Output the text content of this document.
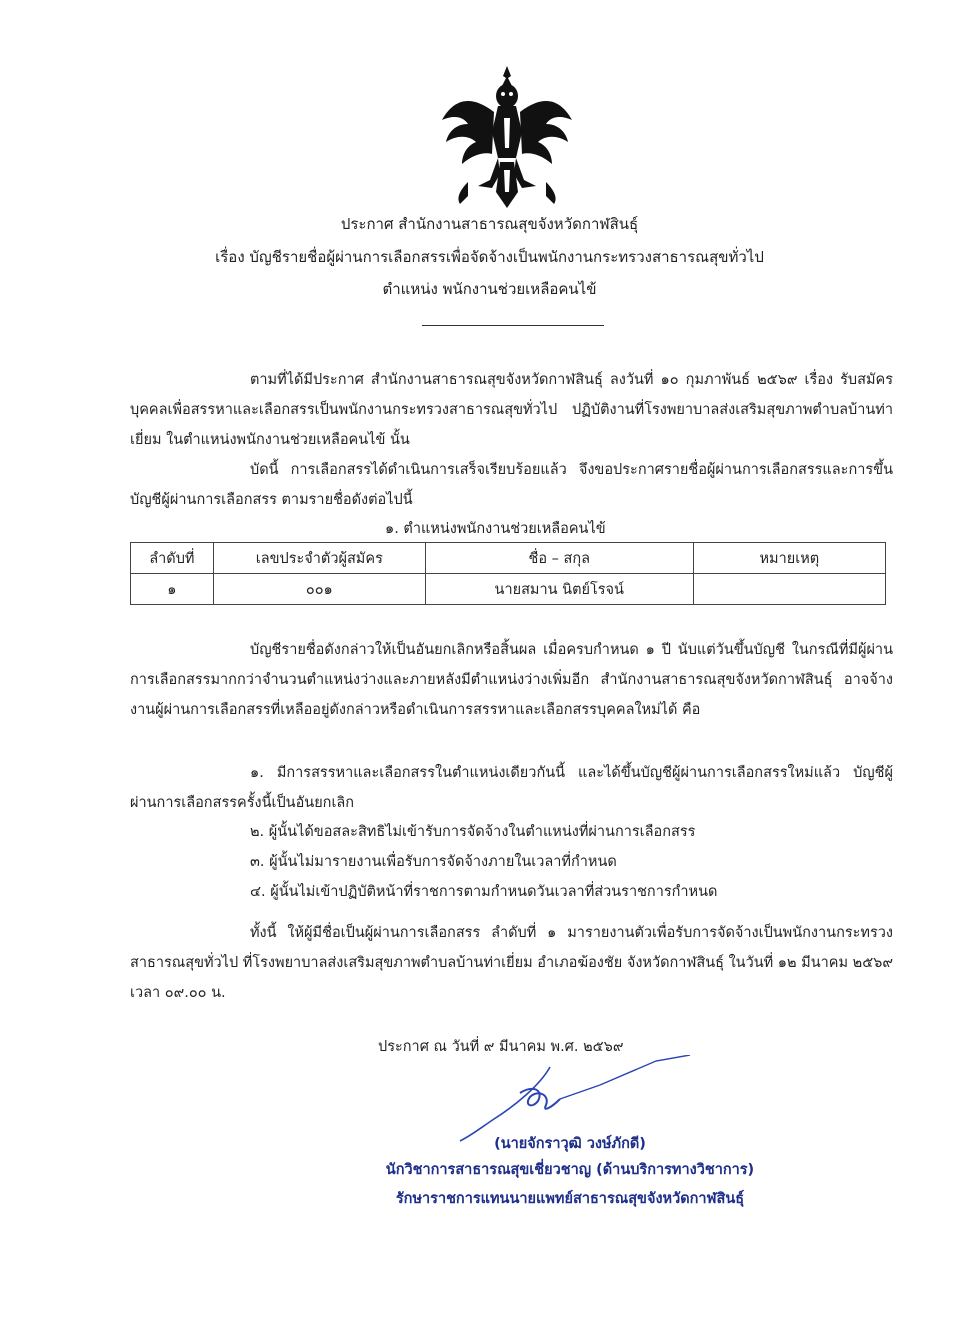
ประกาศ สำนักงานสาธารณสุขจังหวัดกาฬสินธุ์
เรื่อง บัญชีรายชื่อผู้ผ่านการเลือกสรรเพื่อจัดจ้างเป็นพนักงานกระทรวงสาธารณสุขทั่วไป
ตำแหน่ง พนักงานช่วยเหลือคนไข้

ตามที่ได้มีประกาศ สำนักงานสาธารณสุขจังหวัดกาฬสินธุ์ ลงวันที่ ๑๐ กุมภาพันธ์ ๒๕๖๙ เรื่อง รับสมัครบุคคลเพื่อสรรหาและเลือกสรรเป็นพนักงานกระทรวงสาธารณสุขทั่วไป ปฏิบัติงานที่โรงพยาบาลส่งเสริมสุขภาพตำบลบ้านท่าเยี่ยม ในตำแหน่งพนักงานช่วยเหลือคนไข้ นั้น

บัดนี้ การเลือกสรรได้ดำเนินการเสร็จเรียบร้อยแล้ว จึงขอประกาศรายชื่อผู้ผ่านการเลือกสรรและการขึ้นบัญชีผู้ผ่านการเลือกสรร ตามรายชื่อดังต่อไปนี้

๑. ตำแหน่งพนักงานช่วยเหลือคนไข้
ลำดับที่	เลขประจำตัวผู้สมัคร	ชื่อ – สกุล	หมายเหตุ
๑	๐๐๑	นายสมาน นิตย์โรจน์	

บัญชีรายชื่อดังกล่าวให้เป็นอันยกเลิกหรือสิ้นผล เมื่อครบกำหนด ๑ ปี นับแต่วันขึ้นบัญชี ในกรณีที่มีผู้ผ่านการเลือกสรรมากกว่าจำนวนตำแหน่งว่างและภายหลังมีตำแหน่งว่างเพิ่มอีก สำนักงานสาธารณสุขจังหวัดกาฬสินธุ์ อาจจ้างงานผู้ผ่านการเลือกสรรที่เหลืออยู่ดังกล่าวหรือดำเนินการสรรหาและเลือกสรรบุคคลใหม่ได้ คือ

๑. มีการสรรหาและเลือกสรรในตำแหน่งเดียวกันนี้ และได้ขึ้นบัญชีผู้ผ่านการเลือกสรรใหม่แล้ว บัญชีผู้ผ่านการเลือกสรรครั้งนี้เป็นอันยกเลิก

๒. ผู้นั้นได้ขอสละสิทธิไม่เข้ารับการจัดจ้างในตำแหน่งที่ผ่านการเลือกสรร
๓. ผู้นั้นไม่มารายงานเพื่อรับการจัดจ้างภายในเวลาที่กำหนด
๔. ผู้นั้นไม่เข้าปฏิบัติหน้าที่ราชการตามกำหนดวันเวลาที่ส่วนราชการกำหนด

ทั้งนี้ ให้ผู้มีชื่อเป็นผู้ผ่านการเลือกสรร ลำดับที่ ๑ มารายงานตัวเพื่อรับการจัดจ้างเป็นพนักงานกระทรวงสาธารณสุขทั่วไป ที่โรงพยาบาลส่งเสริมสุขภาพตำบลบ้านท่าเยี่ยม อำเภอฆ้องชัย จังหวัดกาฬสินธุ์ ในวันที่ ๑๒ มีนาคม ๒๕๖๙ เวลา ๐๙.๐๐ น.

ประกาศ ณ วันที่ ๙ มีนาคม พ.ศ. ๒๕๖๙
(นายจักราวุฒิ วงษ์ภักดี)
นักวิชาการสาธารณสุขเชี่ยวชาญ (ด้านบริการทางวิชาการ)
รักษาราชการแทนนายแพทย์สาธารณสุขจังหวัดกาฬสินธุ์
